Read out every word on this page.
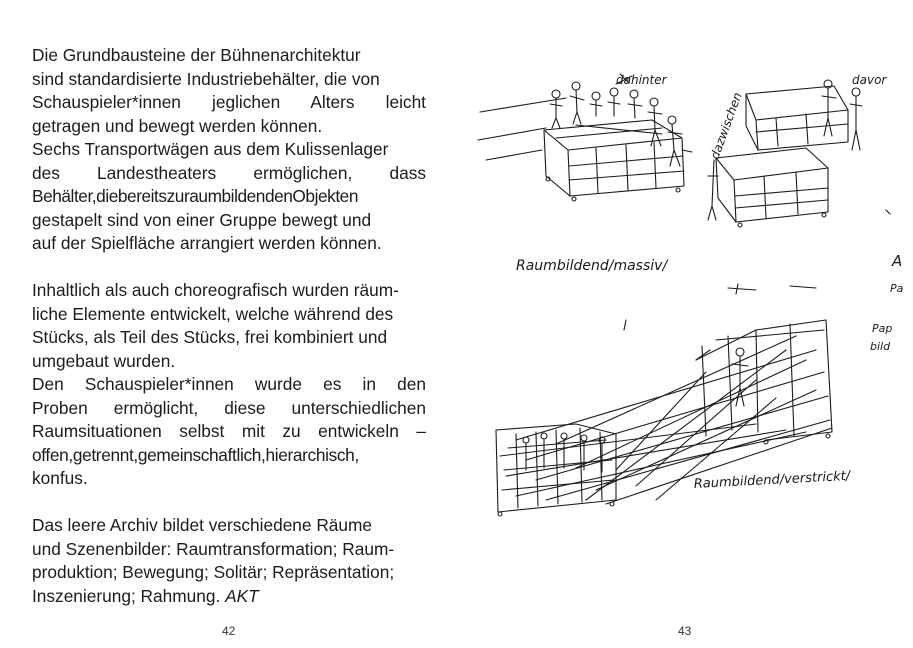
Die Grundbausteine der Bühnenarchitektur

sind standardisierte Industriebehälter, die von

Schauspieler*innen jeglichen Alters leicht

getragen und bewegt werden können.

Sechs Transportwägen aus dem Kulissenlager

des Landestheaters ermöglichen, dass

Behälter,diebereitszuraumbildendenObjekten

gestapelt sind von einer Gruppe bewegt und

auf der Spielfläche arrangiert werden können.

Inhaltlich als auch choreografisch wurden räum-

liche Elemente entwickelt, welche während des

Stücks, als Teil des Stücks, frei kombiniert und

umgebaut wurden.

Den Schauspieler*innen wurde es in den

Proben ermöglicht, diese unterschiedlichen

Raumsituationen selbst mit zu entwickeln –

offen,getrennt,gemeinschaftlich,hierarchisch,

konfus.

Das leere Archiv bildet verschiedene Räume

und Szenenbilder: Raumtransformation; Raum-

produktion; Bewegung; Solitär; Repräsentation;

Inszenierung; Rahmung. AKT

42
dahinter
dazwischen
davor
Raumbildend/massiv/
Raumbildend/verstrickt/
A
Pa
Pap
bild
43
